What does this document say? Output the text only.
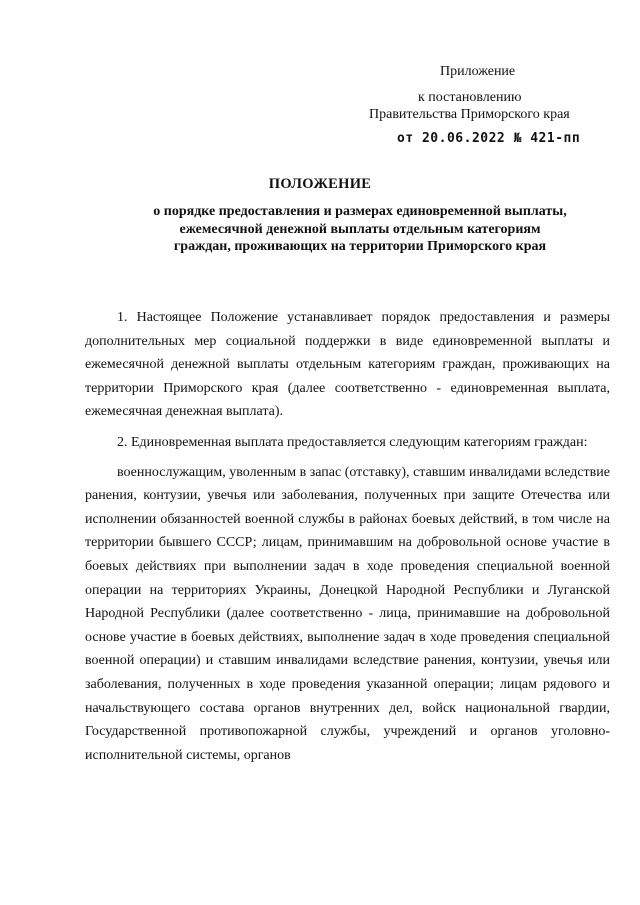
Приложение
к постановлению
Правительства Приморского края
от 20.06.2022 № 421-пп
ПОЛОЖЕНИЕ
о порядке предоставления и размерах единовременной выплаты, ежемесячной денежной выплаты отдельным категориям граждан, проживающих на территории Приморского края

1. Настоящее Положение устанавливает порядок предоставления и размеры дополнительных мер социальной поддержки в виде единовременной выплаты и ежемесячной денежной выплаты отдельным категориям граждан, проживающих на территории Приморского края (далее соответственно - единовременная выплата, ежемесячная денежная выплата).

2. Единовременная выплата предоставляется следующим категориям граждан:

военнослужащим, уволенным в запас (отставку), ставшим инвалидами вследствие ранения, контузии, увечья или заболевания, полученных при защите Отечества или исполнении обязанностей военной службы в районах боевых действий, в том числе на территории бывшего СССР; лицам, принимавшим на добровольной основе участие в боевых действиях при выполнении задач в ходе проведения специальной военной операции на территориях Украины, Донецкой Народной Республики и Луганской Народной Республики (далее соответственно - лица, принимавшие на добровольной основе участие в боевых действиях, выполнение задач в ходе проведения специальной военной операции) и ставшим инвалидами вследствие ранения, контузии, увечья или заболевания, полученных в ходе проведения указанной операции; лицам рядового и начальствующего состава органов внутренних дел, войск национальной гвардии, Государственной противопожарной службы, учреждений и органов уголовно-исполнительной системы, органов
